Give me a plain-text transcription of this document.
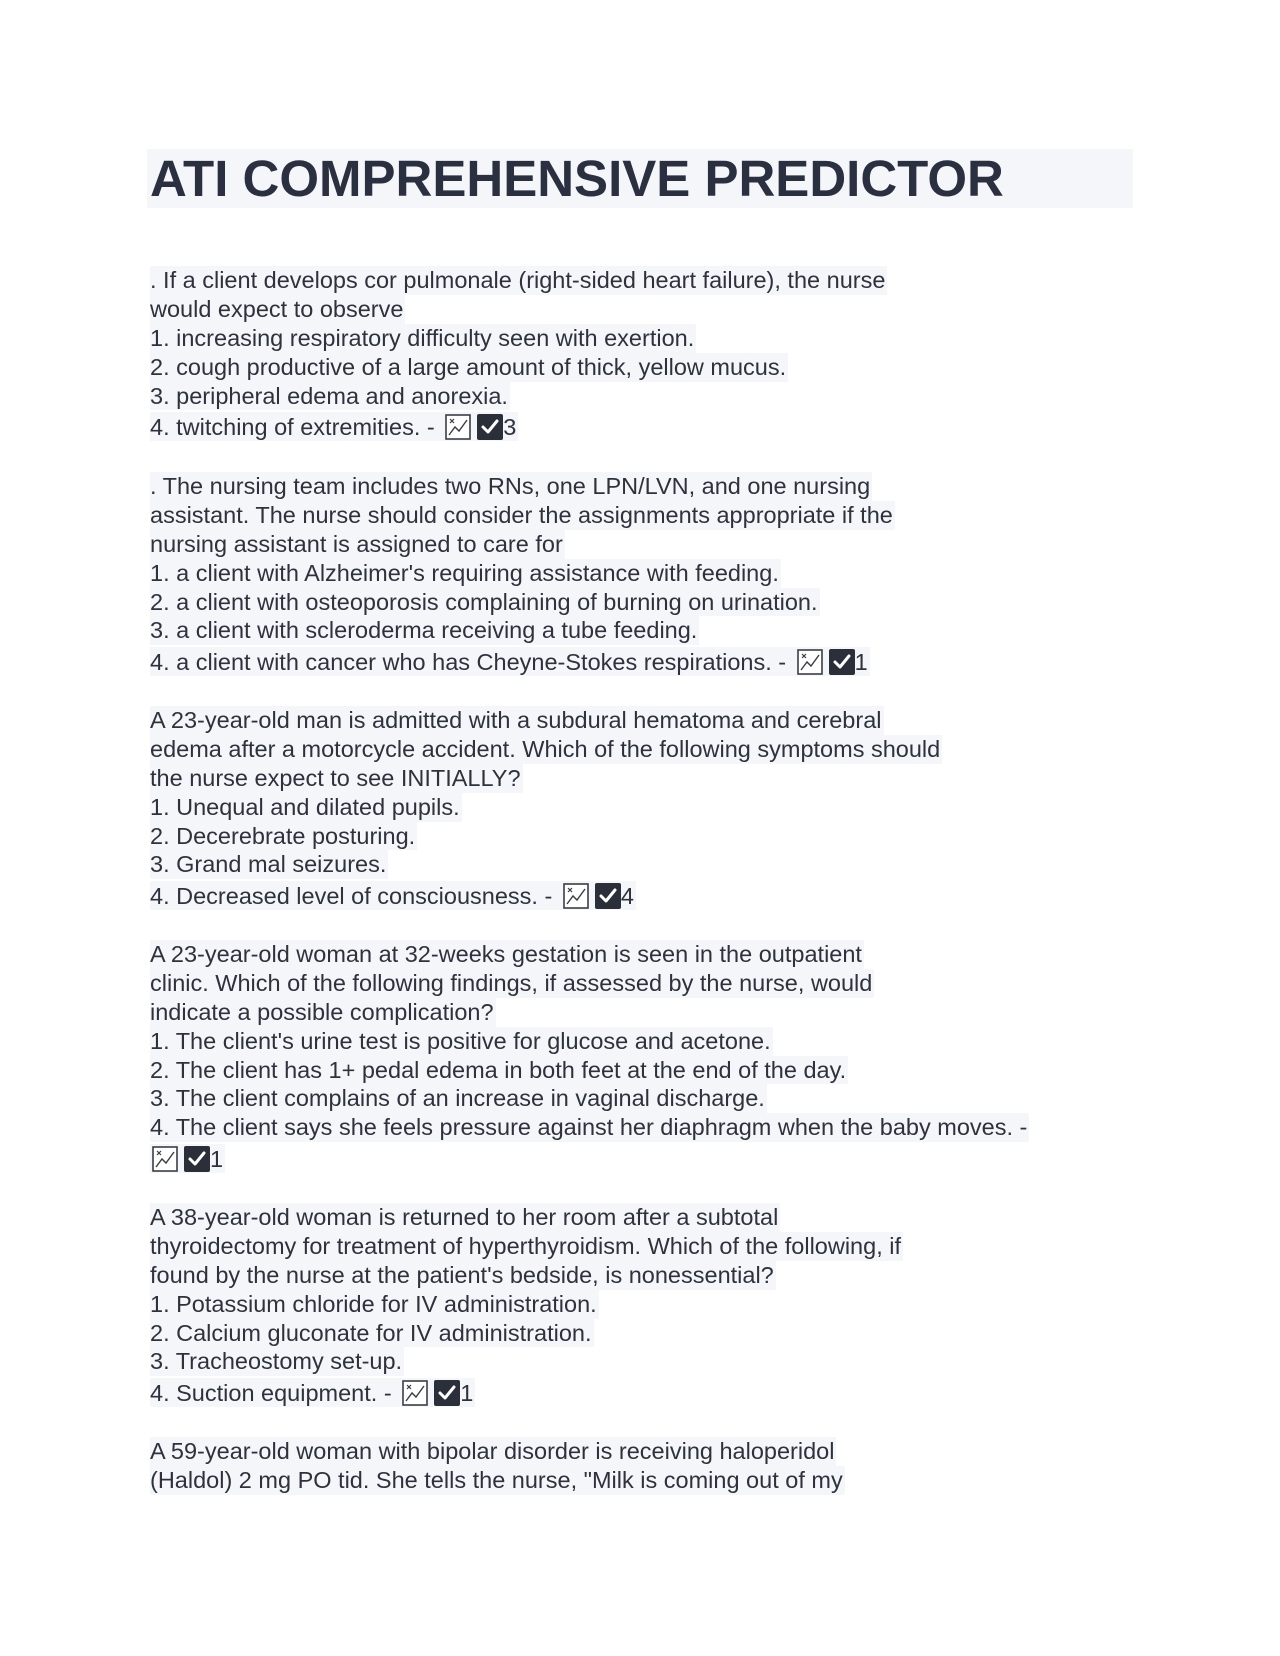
ATI COMPREHENSIVE PREDICTOR
. If a client develops cor pulmonale (right-sided heart failure), the nurse
would expect to observe
1. increasing respiratory difficulty seen with exertion.
2. cough productive of a large amount of thick, yellow mucus.
3. peripheral edema and anorexia.
4. twitching of extremities. -	3
. The nursing team includes two RNs, one LPN/LVN, and one nursing
assistant. The nurse should consider the assignments appropriate if the
nursing assistant is assigned to care for
1. a client with Alzheimer's requiring assistance with feeding.
2. a client with osteoporosis complaining of burning on urination.
3. a client with scleroderma receiving a tube feeding.
4. a client with cancer who has Cheyne-Stokes respirations. -	1
A 23-year-old man is admitted with a subdural hematoma and cerebral
edema after a motorcycle accident. Which of the following symptoms should
the nurse expect to see INITIALLY?
1. Unequal and dilated pupils.
2. Decerebrate posturing.
3. Grand mal seizures.
4. Decreased level of consciousness. -	4
A 23-year-old woman at 32-weeks gestation is seen in the outpatient
clinic. Which of the following findings, if assessed by the nurse, would
indicate a possible complication?
1. The client's urine test is positive for glucose and acetone.
2. The client has 1+ pedal edema in both feet at the end of the day.
3. The client complains of an increase in vaginal discharge.
4. The client says she feels pressure against her diaphragm when the baby moves. -
1
A 38-year-old woman is returned to her room after a subtotal
thyroidectomy for treatment of hyperthyroidism. Which of the following, if
found by the nurse at the patient's bedside, is nonessential?
1. Potassium chloride for IV administration.
2. Calcium gluconate for IV administration.
3. Tracheostomy set-up.
4. Suction equipment. -	1
A 59-year-old woman with bipolar disorder is receiving haloperidol
(Haldol) 2 mg PO tid. She tells the nurse, "Milk is coming out of my
